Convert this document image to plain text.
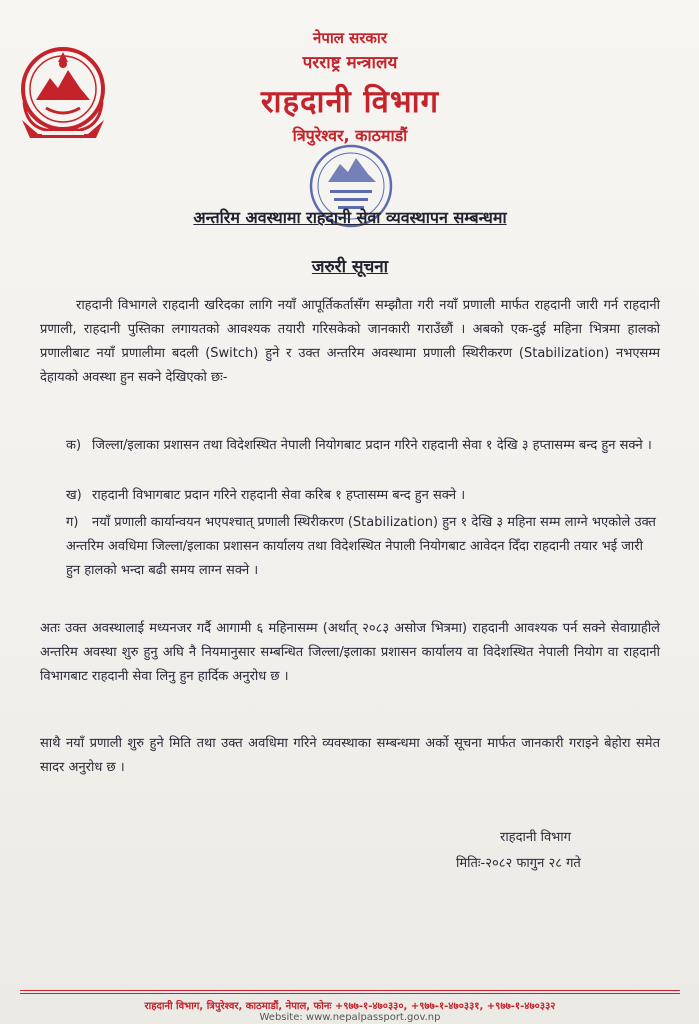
नेपाल सरकार
परराष्ट्र मन्त्रालय
राहदानी विभाग
त्रिपुरेश्वर, काठमाडौं
अन्तरिम अवस्थामा राहदानी सेवा व्यवस्थापन सम्बन्धमा
जरुरी सूचना
राहदानी विभागले राहदानी खरिदका लागि नयाँ आपूर्तिकर्तासँग सम्झौता गरी नयाँ प्रणाली मार्फत राहदानी जारी गर्न राहदानी प्रणाली, राहदानी पुस्तिका लगायतको आवश्यक तयारी गरिसकेको जानकारी गराउँछौं । अबको एक-दुई महिना भित्रमा हालको प्रणालीबाट नयाँ प्रणालीमा बदली (Switch) हुने र उक्त अन्तरिम अवस्थामा प्रणाली स्थिरीकरण (Stabilization) नभएसम्म देहायको अवस्था हुन सक्ने देखिएको छः-
क) जिल्ला/इलाका प्रशासन तथा विदेशस्थित नेपाली नियोगबाट प्रदान गरिने राहदानी सेवा १ देखि ३ हप्तासम्म बन्द हुन सक्ने ।
ख) राहदानी विभागबाट प्रदान गरिने राहदानी सेवा करिब १ हप्तासम्म बन्द हुन सक्ने ।
ग) नयाँ प्रणाली कार्यान्वयन भएपश्चात् प्रणाली स्थिरीकरण (Stabilization) हुन १ देखि ३ महिना सम्म लाग्ने भएकोले उक्त अन्तरिम अवधिमा जिल्ला/इलाका प्रशासन कार्यालय तथा विदेशस्थित नेपाली नियोगबाट आवेदन दिँदा राहदानी तयार भई जारी हुन हालको भन्दा बढी समय लाग्न सक्ने ।
अतः उक्त अवस्थालाई मध्यनजर गर्दै आगामी ६ महिनासम्म (अर्थात् २०८३ असोज भित्रमा) राहदानी आवश्यक पर्न सक्ने सेवाग्राहीले अन्तरिम अवस्था शुरु हुनु अघि नै नियमानुसार सम्बन्धित जिल्ला/इलाका प्रशासन कार्यालय वा विदेशस्थित नेपाली नियोग वा राहदानी विभागबाट राहदानी सेवा लिनु हुन हार्दिक अनुरोध छ ।
साथै नयाँ प्रणाली शुरु हुने मिति तथा उक्त अवधिमा गरिने व्यवस्थाका सम्बन्धमा अर्को सूचना मार्फत जानकारी गराइने बेहोरा समेत सादर अनुरोध छ ।
राहदानी विभाग
मितिः-२०८२ फागुन २८ गते
राहदानी विभाग, त्रिपुरेश्वर, काठमाडौं, नेपाल, फोनः +९७७-१-४७०३३०, +९७७-१-४७०३३१, +९७७-१-४७०३३२
Website: www.nepalpassport.gov.np
